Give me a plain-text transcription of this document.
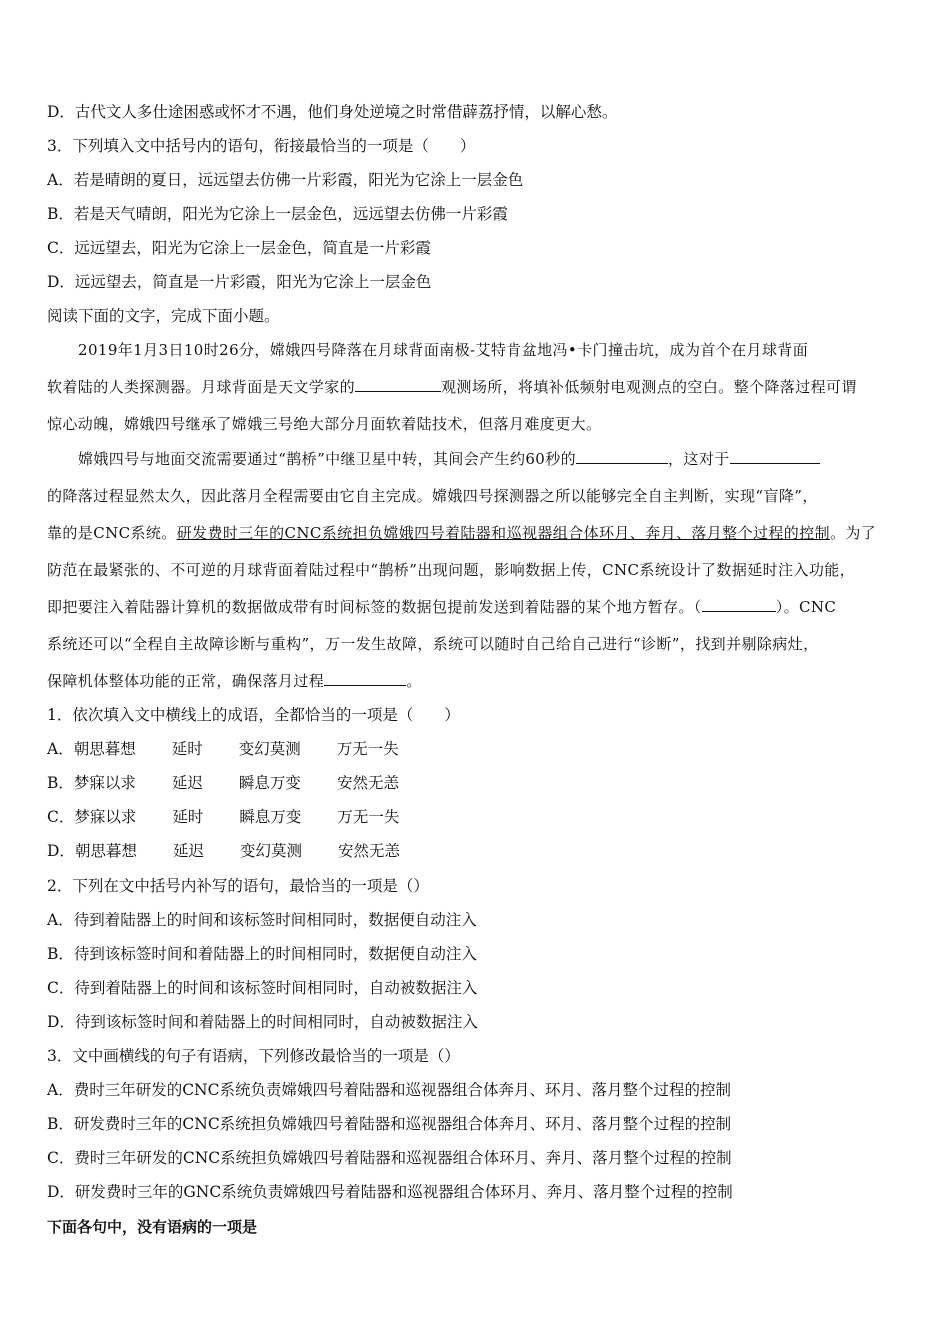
D．古代文人多仕途困惑或怀才不遇，他们身处逆境之时常借薜荔抒情，以解心愁。
3．下列填入文中括号内的语句，衔接最恰当的一项是（　　）
A．若是晴朗的夏日，远远望去仿佛一片彩霞，阳光为它涂上一层金色
B．若是天气晴朗，阳光为它涂上一层金色，远远望去仿佛一片彩霞
C．远远望去，阳光为它涂上一层金色，简直是一片彩霞
D．远远望去，简直是一片彩霞，阳光为它涂上一层金色
阅读下面的文字，完成下面小题。
2019年1月3日10时26分，嫦娥四号降落在月球背面南极-艾特肯盆地冯•卡门撞击坑，成为首个在月球背面
软着陆的人类探测器。月球背面是天文学家的	观测场所，将填补低频射电观测点的空白。整个降落过程可谓
惊心动魄，嫦娥四号继承了嫦娥三号绝大部分月面软着陆技术，但落月难度更大。
嫦娥四号与地面交流需要通过“鹊桥”中继卫星中转，其间会产生约60秒的	，这对于
的降落过程显然太久，因此落月全程需要由它自主完成。嫦娥四号探测器之所以能够完全自主判断，实现“盲降”，
靠的是CNC系统。研发费时三年的CNC系统担负嫦娥四号着陆器和巡视器组合体环月、奔月、落月整个过程的控制。为了
防范在最紧张的、不可逆的月球背面着陆过程中“鹊桥”出现问题，影响数据上传，CNC系统设计了数据延时注入功能，
即把要注入着陆器计算机的数据做成带有时间标签的数据包提前发送到着陆器的某个地方暂存。（	）。CNC
系统还可以“全程自主故障诊断与重构”，万一发生故障，系统可以随时自己给自己进行“诊断”，找到并剔除病灶，
保障机体整体功能的正常，确保落月过程	。
1．依次填入文中横线上的成语，全都恰当的一项是（　　）
A．朝思暮想 延时 变幻莫测 万无一失
B．梦寐以求 延迟 瞬息万变 安然无恙
C．梦寐以求 延时 瞬息万变 万无一失
D．朝思暮想 延迟 变幻莫测 安然无恙
2．下列在文中括号内补写的语句，最恰当的一项是（）
A．待到着陆器上的时间和该标签时间相同时，数据便自动注入
B．待到该标签时间和着陆器上的时间相同时，数据便自动注入
C．待到着陆器上的时间和该标签时间相同时，自动被数据注入
D．待到该标签时间和着陆器上的时间相同时，自动被数据注入
3．文中画横线的句子有语病，下列修改最恰当的一项是（）
A．费时三年研发的CNC系统负责嫦娥四号着陆器和巡视器组合体奔月、环月、落月整个过程的控制
B．研发费时三年的CNC系统担负嫦娥四号着陆器和巡视器组合体奔月、环月、落月整个过程的控制
C．费时三年研发的CNC系统担负嫦娥四号着陆器和巡视器组合体环月、奔月、落月整个过程的控制
D．研发费时三年的GNC系统负责嫦娥四号着陆器和巡视器组合体环月、奔月、落月整个过程的控制
下面各句中，没有语病的一项是
